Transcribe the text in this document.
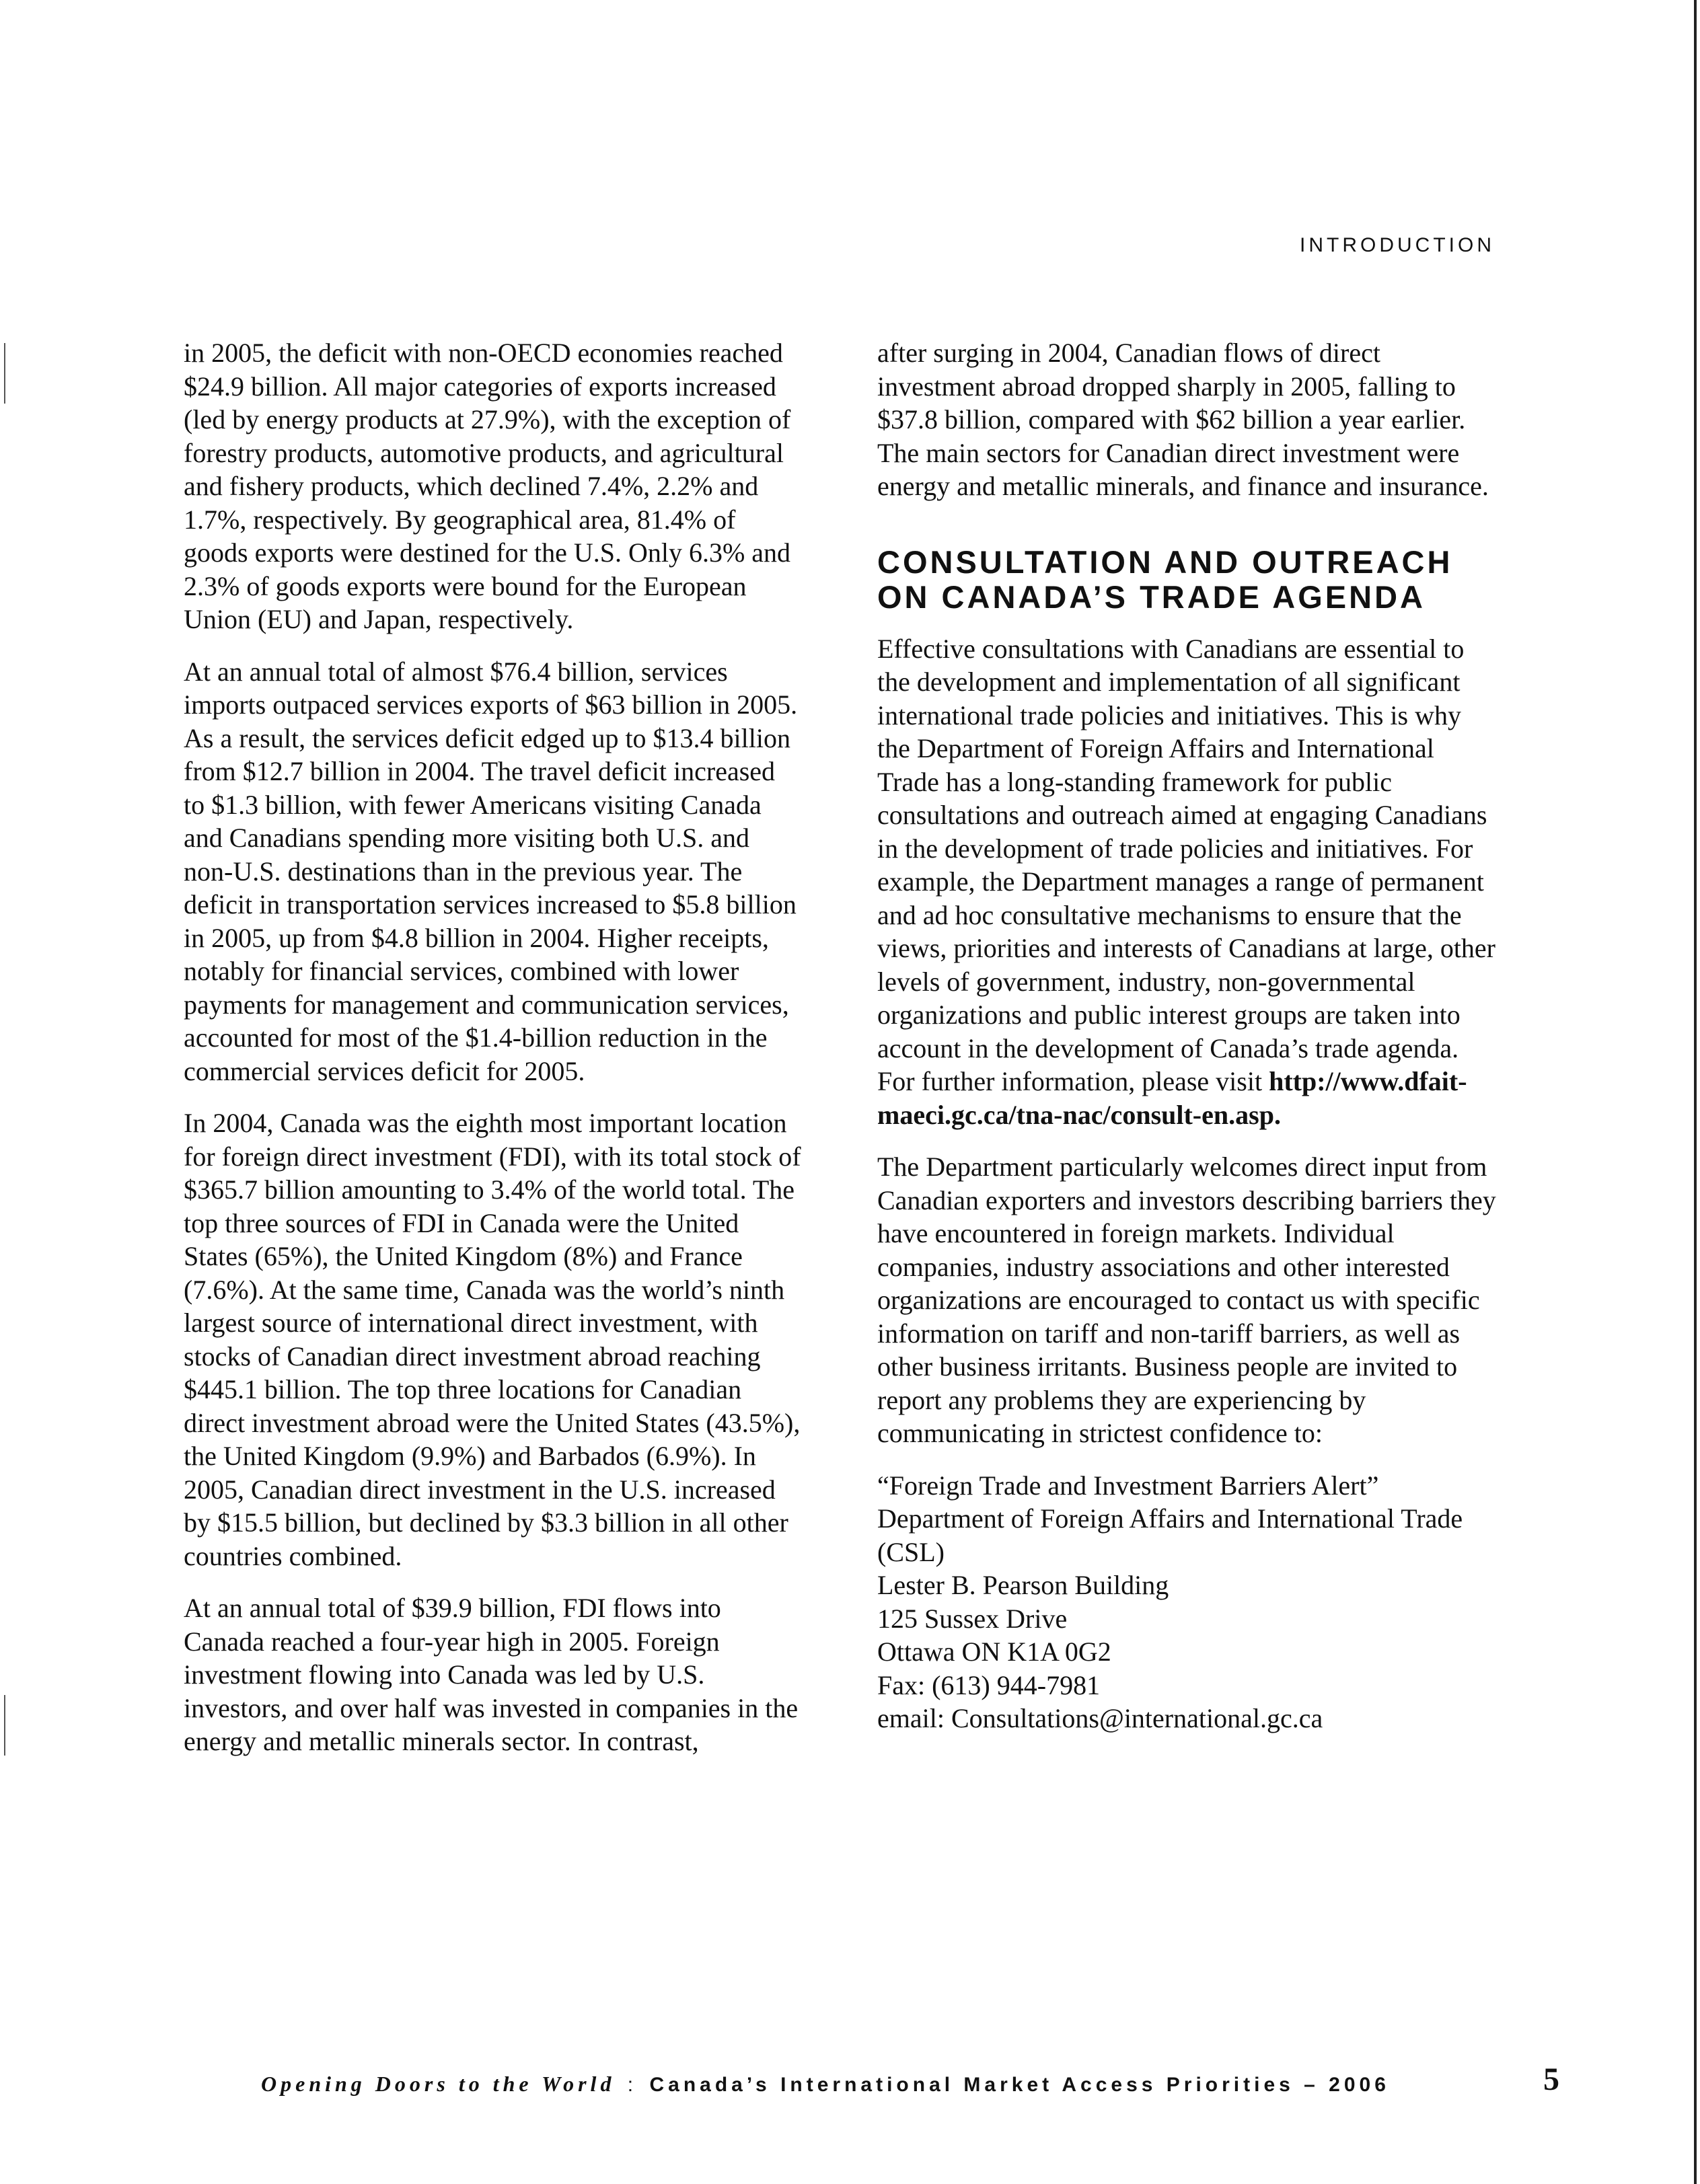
INTRODUCTION

in 2005, the deficit with non-OECD economies reached $24.9 billion. All major categories of exports increased (led by energy products at 27.9%), with the exception of forestry products, automotive products, and agricultural and fishery products, which declined 7.4%, 2.2% and 1.7%, respectively. By geographical area, 81.4% of goods exports were destined for the U.S. Only 6.3% and 2.3% of goods exports were bound for the European Union (EU) and Japan, respectively.

At an annual total of almost $76.4 billion, services imports outpaced services exports of $63 billion in 2005. As a result, the services deficit edged up to $13.4 billion from $12.7 billion in 2004. The travel deficit increased to $1.3 billion, with fewer Americans visiting Canada and Canadians spending more visiting both U.S. and non-U.S. destinations than in the previous year. The deficit in transportation services increased to $5.8 billion in 2005, up from $4.8 billion in 2004. Higher receipts, notably for financial services, combined with lower payments for management and communication services, accounted for most of the $1.4-billion reduction in the commercial services deficit for 2005.

In 2004, Canada was the eighth most important location for foreign direct investment (FDI), with its total stock of $365.7 billion amounting to 3.4% of the world total. The top three sources of FDI in Canada were the United States (65%), the United Kingdom (8%) and France (7.6%). At the same time, Canada was the world’s ninth largest source of international direct investment, with stocks of Canadian direct investment abroad reaching $445.1 billion. The top three locations for Canadian direct investment abroad were the United States (43.5%), the United Kingdom (9.9%) and Barbados (6.9%). In 2005, Canadian direct investment in the U.S. increased by $15.5 billion, but declined by $3.3 billion in all other countries combined.

At an annual total of $39.9 billion, FDI flows into Canada reached a four-year high in 2005. Foreign investment flowing into Canada was led by U.S. investors, and over half was invested in companies in the energy and metallic minerals sector. In contrast,

after surging in 2004, Canadian flows of direct investment abroad dropped sharply in 2005, falling to $37.8 billion, compared with $62 billion a year earlier. The main sectors for Canadian direct investment were energy and metallic minerals, and finance and insurance.

CONSULTATION AND OUTREACH
ON CANADA’S TRADE AGENDA

Effective consultations with Canadians are essential to the development and implementation of all significant international trade policies and initiatives. This is why the Department of Foreign Affairs and International Trade has a long-standing framework for public consultations and outreach aimed at engaging Canadians in the development of trade policies and initiatives. For example, the Department manages a range of permanent and ad hoc consultative mechanisms to ensure that the views, priorities and interests of Canadians at large, other levels of government, industry, non-governmental organizations and public interest groups are taken into account in the development of Canada’s trade agenda. For further information, please visit http://www.dfait-maeci.gc.ca/tna-nac/consult-en.asp.

The Department particularly welcomes direct input from Canadian exporters and investors describing barriers they have encountered in foreign markets. Individual companies, industry associations and other interested organizations are encouraged to contact us with specific information on tariff and non-tariff barriers, as well as other business irritants. Business people are invited to report any problems they are experiencing by communicating in strictest confidence to:

“Foreign Trade and Investment Barriers Alert”
Department of Foreign Affairs and International Trade (CSL)
Lester B. Pearson Building
125 Sussex Drive
Ottawa ON K1A 0G2
Fax: (613) 944-7981
email: Consultations@international.gc.ca

Opening Doors to the World : Canada’s International Market Access Priorities – 2006	5
